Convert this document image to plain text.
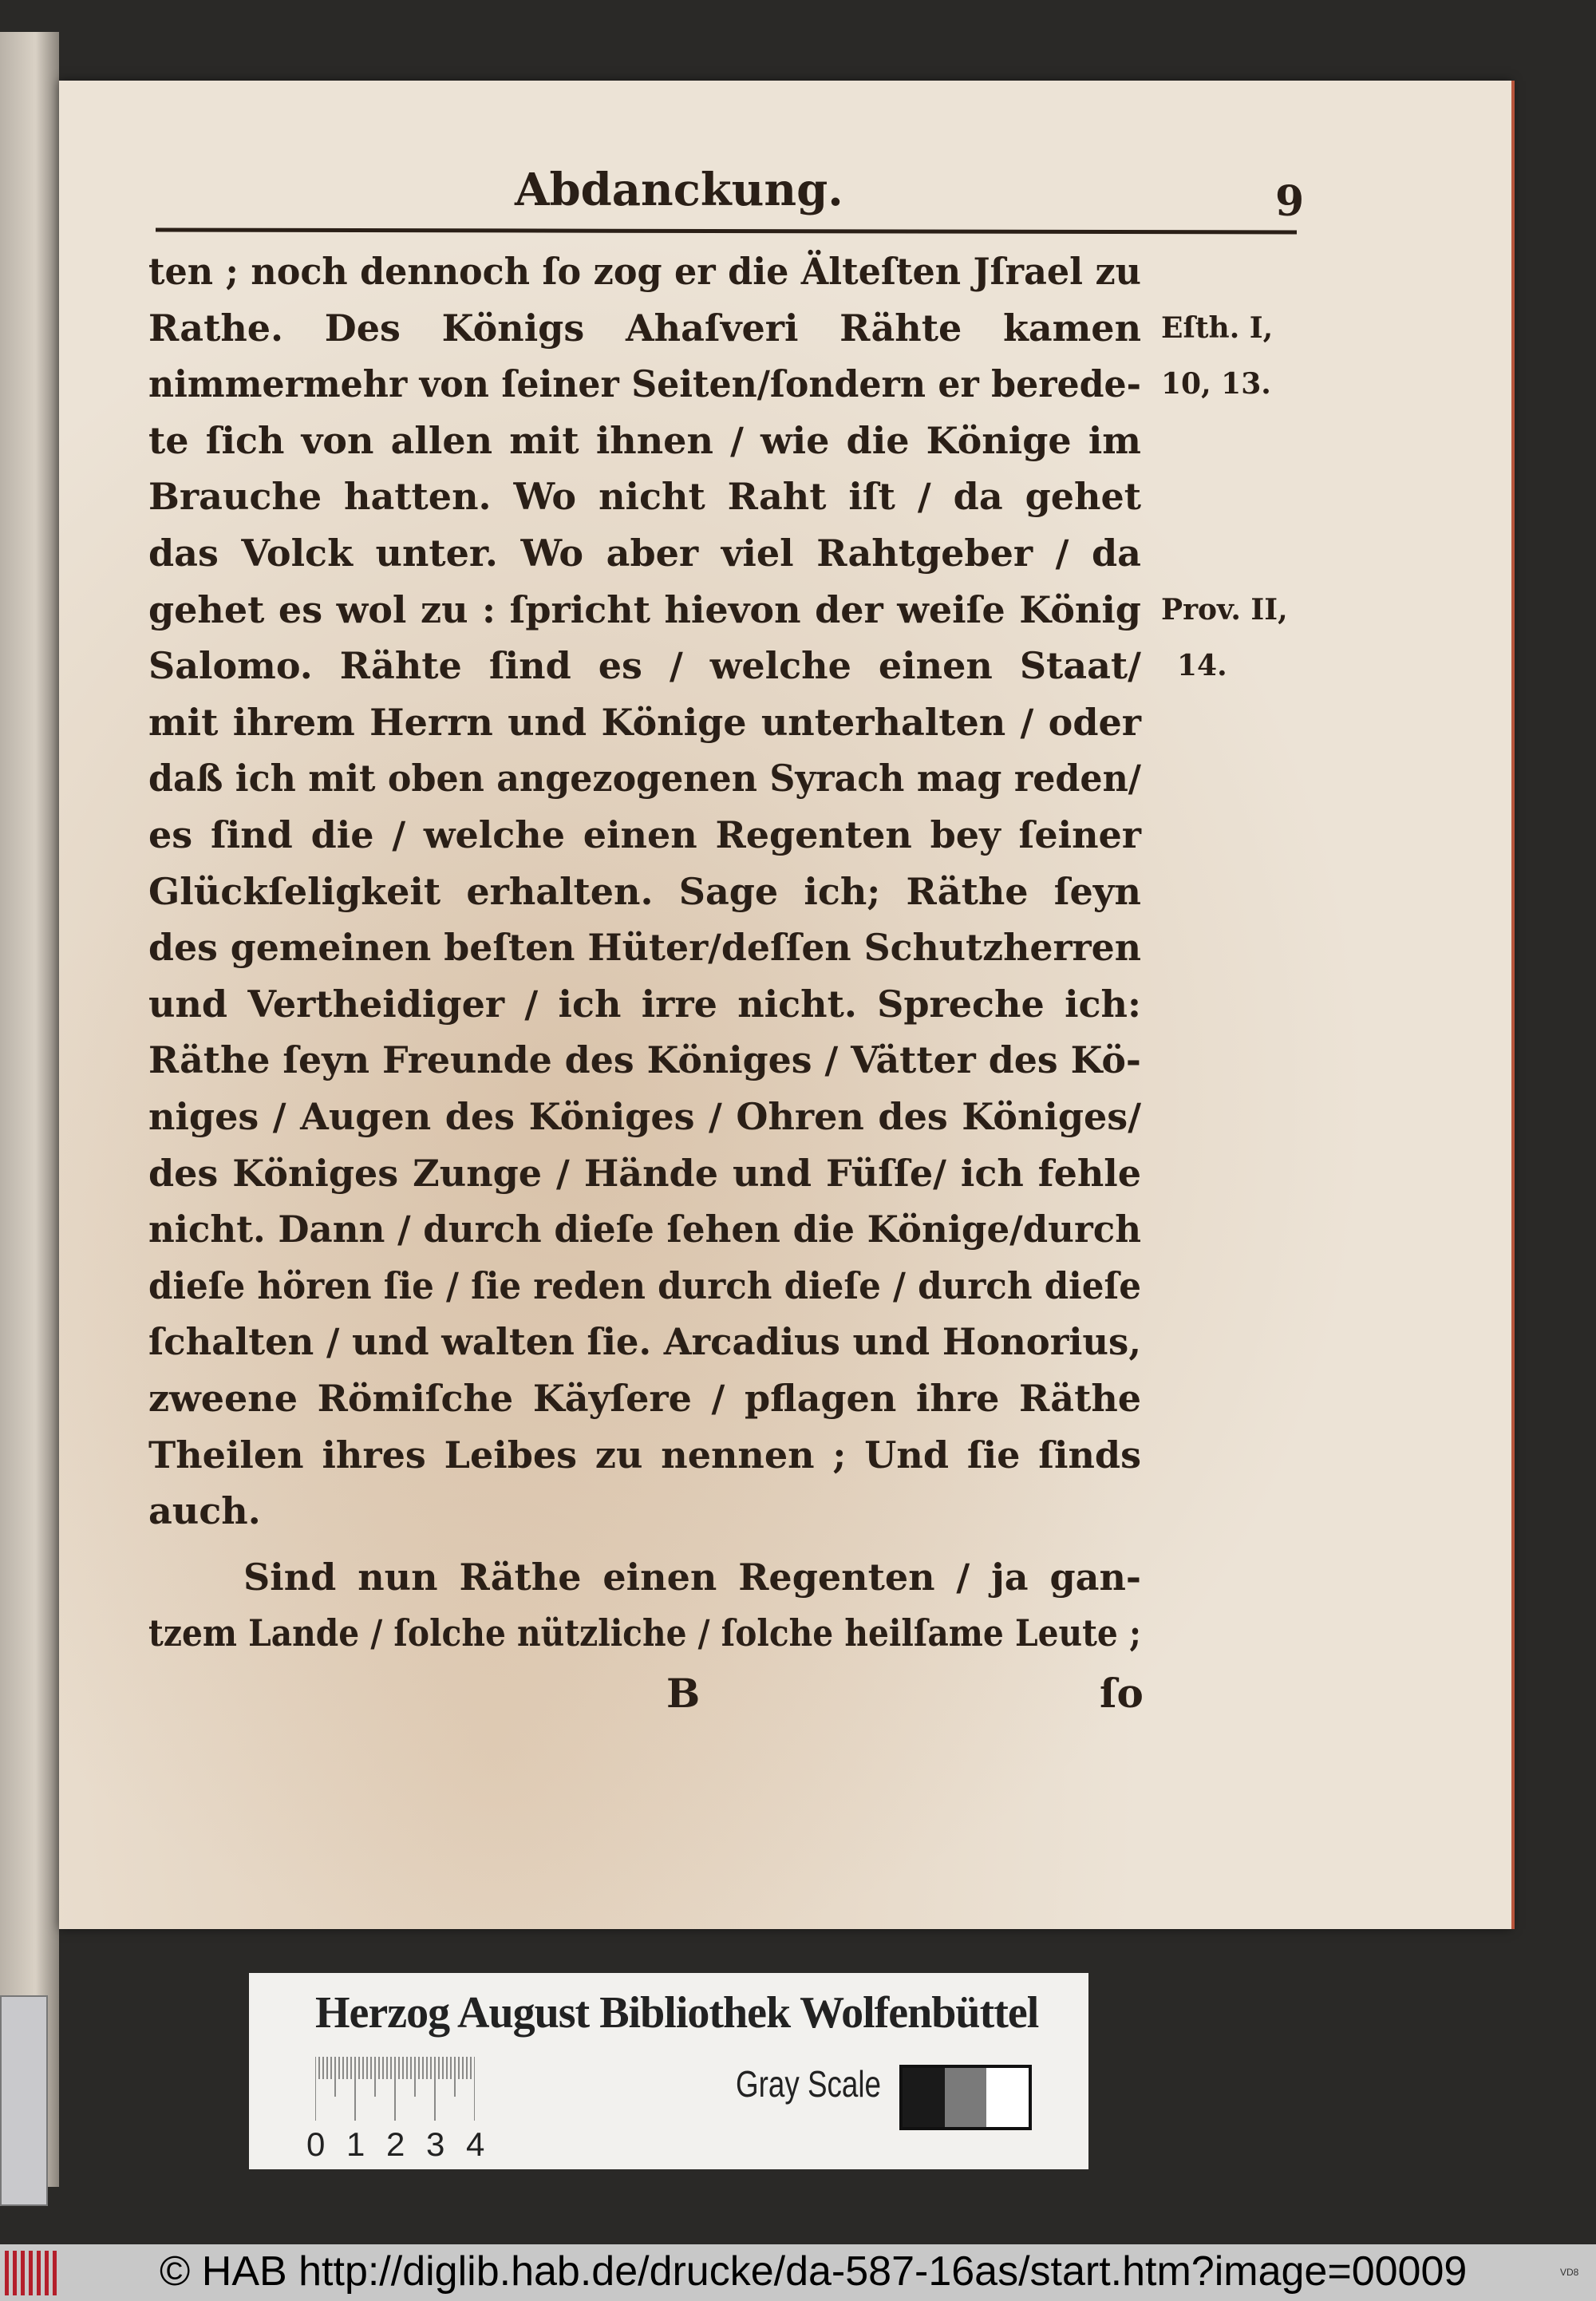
Abdanckung.	9
ten ; noch dennoch ſo zog er die Älteſten Jſrael zu
Rathe. Des Königs Ahaſveri Rähte kamen
nimmermehr von ſeiner Seiten/ſondern er berede-
te ſich von allen mit ihnen / wie die Könige im
Brauche hatten. Wo nicht Raht iſt / da gehet
das Volck unter. Wo aber viel Rahtgeber / da
gehet es wol zu : ſpricht hievon der weiſe König
Salomo. Rähte ſind es / welche einen Staat/
mit ihrem Herrn und Könige unterhalten / oder
daß ich mit oben angezogenen Syrach mag reden/
es ſind die / welche einen Regenten bey ſeiner
Glückſeligkeit erhalten. Sage ich; Räthe ſeyn
des gemeinen beſten Hüter/deſſen Schutzherren
und Vertheidiger / ich irre nicht. Spreche ich:
Räthe ſeyn Freunde des Königes / Vätter des Kö-
niges / Augen des Königes / Ohren des Königes/
des Königes Zunge / Hände und Füſſe/ ich fehle
nicht. Dann / durch dieſe ſehen die Könige/durch
dieſe hören ſie / ſie reden durch dieſe / durch dieſe
ſchalten / und walten ſie. Arcadius und Honorius,
zweene Römiſche Käyſere / pflagen ihre Räthe
Theilen ihres Leibes zu nennen ; Und ſie ſinds
auch.
Sind nun Räthe einen Regenten / ja gan-
tzem Lande / ſolche nützliche / ſolche heilſame Leute ;
Eſth. I,
10, 13.
Prov. II,
14.
B	ſo
Herzog August Bibliothek Wolfenbüttel
0 1 2 3 4
Gray Scale
© HAB http://diglib.hab.de/drucke/da-587-16as/start.htm?image=00009	VD8
